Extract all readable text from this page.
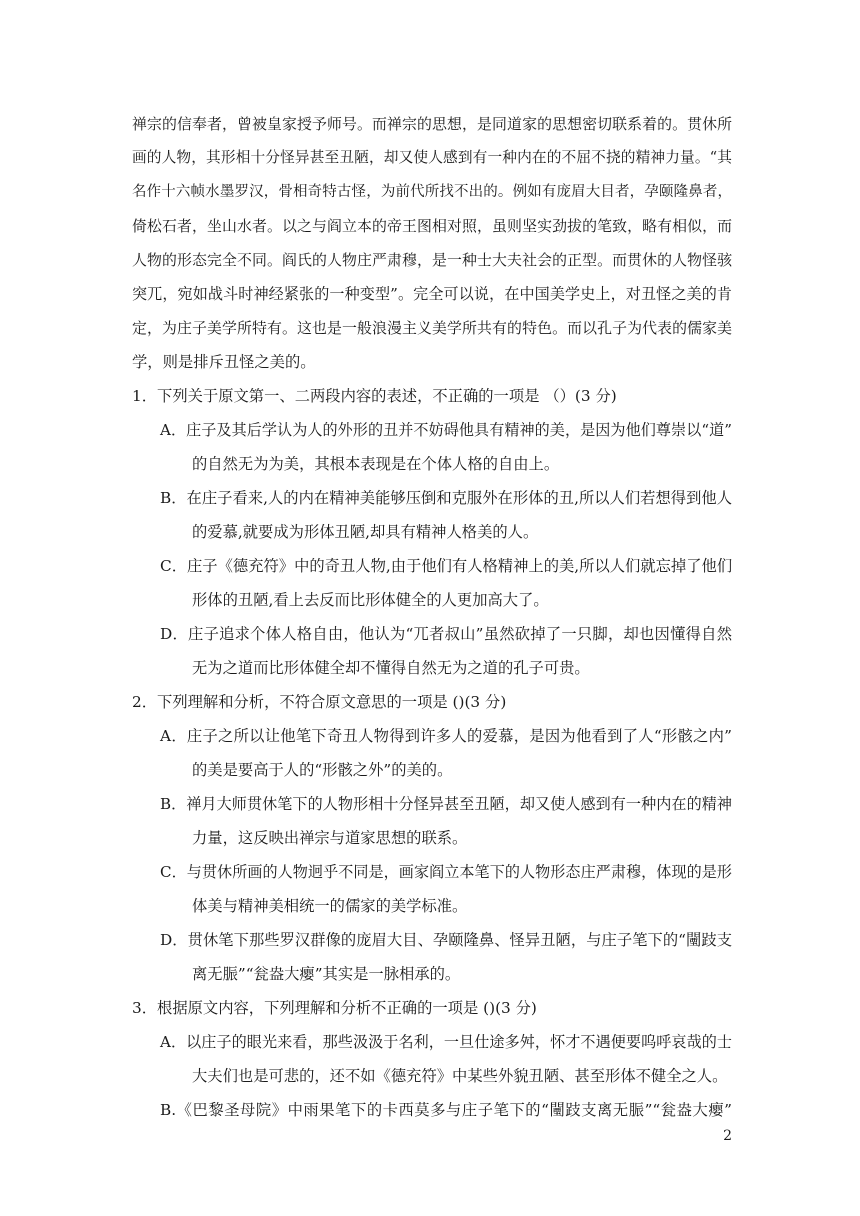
禅宗的信奉者，曾被皇家授予师号。而禅宗的思想，是同道家的思想密切联系着的。贯休所
画的人物，其形相十分怪异甚至丑陋，却又使人感到有一种内在的不屈不挠的精神力量。“其
名作十六帧水墨罗汉，骨相奇特古怪，为前代所找不出的。例如有庞眉大目者，孕颐隆鼻者，
倚松石者，坐山水者。以之与阎立本的帝王图相对照，虽则坚实劲拔的笔致，略有相似，而
人物的形态完全不同。阎氏的人物庄严肃穆，是一种士大夫社会的正型。而贯休的人物怪骇
突兀，宛如战斗时神经紧张的一种变型”。完全可以说，在中国美学史上，对丑怪之美的肯
定，为庄子美学所特有。这也是一般浪漫主义美学所共有的特色。而以孔子为代表的儒家美
学，则是排斥丑怪之美的。
1．下列关于原文第一、二两段内容的表述，不正确的一项是 （）(3 分)
A．庄子及其后学认为人的外形的丑并不妨碍他具有精神的美，是因为他们尊崇以“道”
的自然无为为美，其根本表现是在个体人格的自由上。
B．在庄子看来,人的内在精神美能够压倒和克服外在形体的丑,所以人们若想得到他人
的爱慕,就要成为形体丑陋,却具有精神人格美的人。
C．庄子《德充符》中的奇丑人物,由于他们有人格精神上的美,所以人们就忘掉了他们
形体的丑陋,看上去反而比形体健全的人更加高大了。
D．庄子追求个体人格自由，他认为“兀者叔山”虽然砍掉了一只脚，却也因懂得自然
无为之道而比形体健全却不懂得自然无为之道的孔子可贵。
2．下列理解和分析，不符合原文意思的一项是 ()(3 分)
A．庄子之所以让他笔下奇丑人物得到许多人的爱慕，是因为他看到了人“形骸之内”
的美是要高于人的“形骸之外”的美的。
B．禅月大师贯休笔下的人物形相十分怪异甚至丑陋，却又使人感到有一种内在的精神
力量，这反映出禅宗与道家思想的联系。
C．与贯休所画的人物迥乎不同是，画家阎立本笔下的人物形态庄严肃穆，体现的是形
体美与精神美相统一的儒家的美学标准。
D．贯休笔下那些罗汉群像的庞眉大目、孕颐隆鼻、怪异丑陋，与庄子笔下的“闉跂支
离无脤”“瓮盎大瘿”其实是一脉相承的。
3．根据原文内容，下列理解和分析不正确的一项是 ()(3 分)
A．以庄子的眼光来看，那些汲汲于名利，一旦仕途多舛，怀才不遇便要呜呼哀哉的士
大夫们也是可悲的，还不如《德充符》中某些外貌丑陋、甚至形体不健全之人。
B.《巴黎圣母院》中雨果笔下的卡西莫多与庄子笔下的“闉跂支离无脤”“瓮盎大瘿”
2
